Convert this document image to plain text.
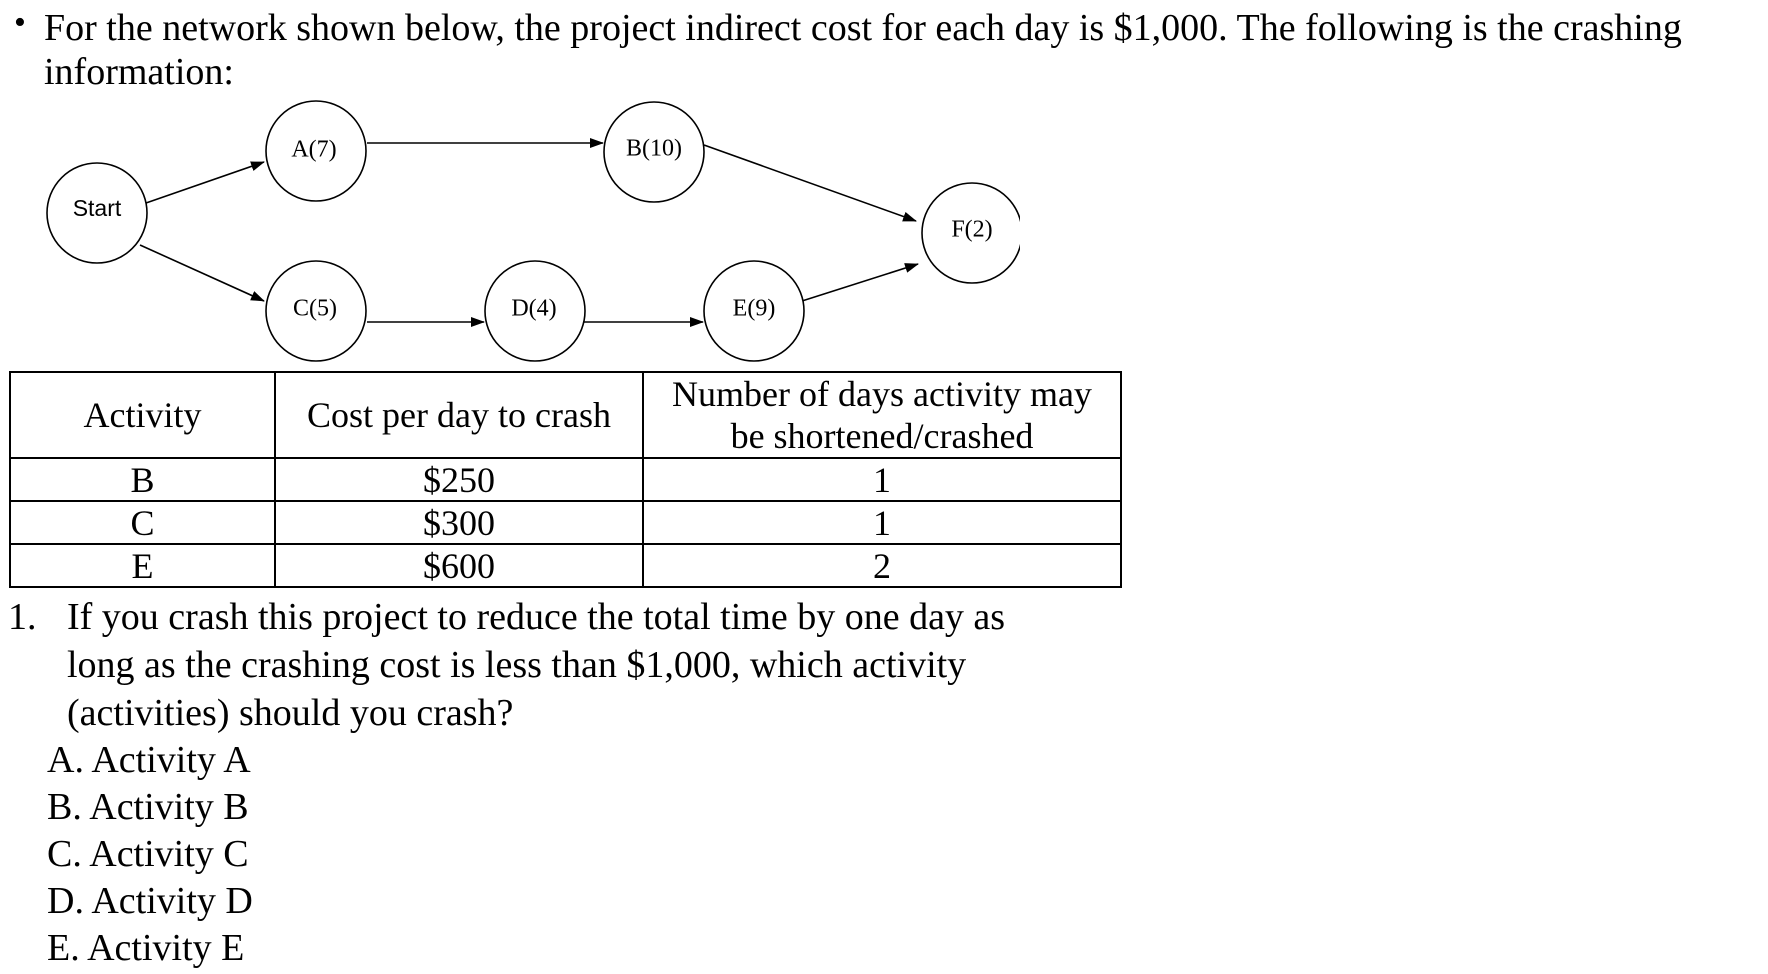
• For the network shown below, the project indirect cost for each day is $1,000. The following is the crashing
information:
Start
A(7)	B(10)
C(5)	D(4)	E(9)
F(2)
Activity	Cost per day to crash	Number of days activity may
be shortened/crashed

B	$250	1
C	$300	1
E	$600	2
1. If you crash this project to reduce the total time by one day as
long as the crashing cost is less than $1,000, which activity
(activities) should you crash?
A. Activity A
B. Activity B
C. Activity C
D. Activity D
E. Activity E
